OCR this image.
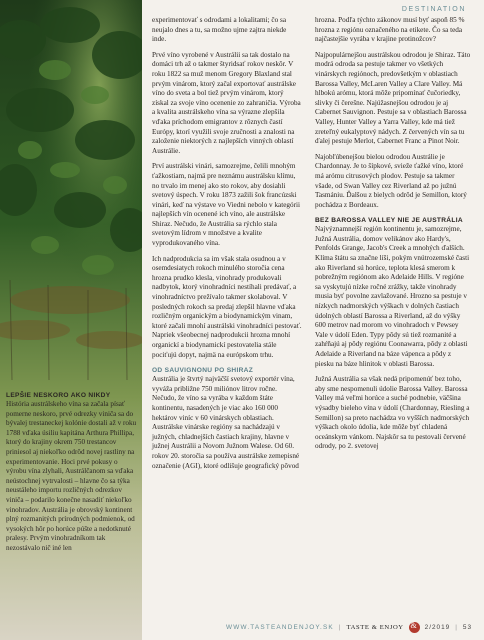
DESTINATION
LEPŠIE NESKORO AKO NIKDY

História austrálskeho vína sa začala písať pomerne neskoro, prvé odrezky viniča sa do bývalej trestaneckej kolónie dostali až v roku 1788 vďaka úsiliu kapitána Arthura Phillipa, ktorý do krajiny okrem 750 trestancov priniesol aj niekoľko odrôd novej rastliny na experimentovanie. Hoci prvé pokusy o výrobu vína zlyhali, Austrálčanom sa vďaka neústochnej vytrvalosti – hlavne čo sa týka neustáleho importu rozličných odrezkov viniča – podarilo konečne nasadiť niekoľko vinohradov. Austrália je obrovský kontinent plný rozmanitých prírodných podmienok, od vysokých hôr po horúce púšte a nedotknuté pralesy. Prvým vinohradníkom tak nezostávalo nič iné len

experimentovať s odrodami a lokalitami; čo sa neujalo dnes a tu, sa možno ujme zajtra niekde inde.

Prvé víno vyrobené v Austrálii sa tak dostalo na domáci trh až o takmer štyridsať rokov neskôr. V roku 1822 sa muž menom Gregory Blaxland stal prvým vinárom, ktorý začal exportovať austrálske víno do sveta a bol tiež prvým vinárom, ktorý získal za svoje víno ocenenie zo zahraničia. Výroba a kvalita austrálskeho vína sa výrazne zlepšila vďaka príchodom emigrantov z rôznych častí Európy, ktorí využili svoje zručnosti a znalosti na založenie niektorých z najlepších vinných oblastí Austrálie.

Prví austrálski vinári, samozrejme, čelili mnohým ťažkostiam, najmä pre neznámu austrálsku klímu, no trvalo im menej ako sto rokov, aby dosiahli svetový úspech. V roku 1873 zažili šok francúzski vinári, keď na výstave vo Viedni nebolo v kategórii najlepších vín ocenené ich víno, ale austrálske Shiraz. Nečudo, že Austrália sa rýchlo stala svetovým lídrom v množstve a kvalite vyprodukovaného vína.

Ich nadprodukcia sa im však stala osudnou a v osemdesiatych rokoch minulého storočia cena hrozna prudko klesla, vinohrady produkovali nadbytok, ktorý vinohradníci nestíhali predávať, a vinohradníctvo prežívalo takmer skolaboval. V posledných rokoch sa predaj zlepšil hlavne vďaka rozličným organickým a biodynamickým vinam, ktoré začali mnohí austrálski vinohradníci pestovať. Napriek všeobecnej nadprodukcii hrozna mnohí organickí a biodynamickí pestovatelia stále pociťujú dopyt, najmä na európskom trhu.

OD SAUVIGNONU PO SHIRAZ

Austrália je štvrtý najväčší svetový exportér vína, vyváža približne 750 miliónov litrov ročne. Nečudo, že víno sa vyrába v každom štáte kontinentu, nasadených je viac ako 160 000 hektárov viníc v 60 vinárskych oblastiach. Austrálske vinárske regióny sa nachádzajú v južných, chladnejších častiach krajiny, hlavne v južnej Austrálii a Novom Južnom Walese. Od 60. rokov 20. storočia sa používa austrálske zemepisné označenie (AGI), ktoré odlišuje geografický pôvod

hrozna. Podľa týchto zákonov musí byť aspoň 85 % hrozna z regiónu označeného na etikete. Čo sa teda najčastejšie vyrába v krajine protinožcov?

Najpopulárnejšou austrálskou odrodou je Shiraz. Táto modrá odroda sa pestuje takmer vo všetkých vinárskych regiónoch, predovšetkým v oblastiach Barossa Valley, McLaren Valley a Clare Valley. Má hlbokú arómu, ktorá môže pripomínať čučoriedky, slivky či čerešne. Najúžasnejšou odrodou je aj Cabernet Sauvignon. Pestuje sa v oblastiach Barossa Valley, Hunter Valley a Yarra Valley, kde má tiež zreteľný eukalyptový nádych. Z červených vín sa tu ďalej pestuje Merlot, Cabernet Franc a Pinot Noir.

Najobľúbenejšou bielou odrodou Austrálie je Chardonnay. Je to šípkové, svieže ťažké víno, ktoré má arómu citrusových plodov. Pestuje sa takmer všade, od Swan Valley cez Riverland až po južnú Tasmániu. Ďalšou z bielych odrôd je Semillon, ktorý pochádza z Bordeaux.

BEZ BAROSSA VALLEY NIE JE AUSTRÁLIA

Najvýznamnejší región kontinentu je, samozrejme, Južná Austrália, domov velikánov ako Hardy's, Penfolds Grange, Jacob's Creek a mnohých ďalších. Klíma štátu sa značne líši, pokým vnútrozemské časti ako Riverland sú horúce, teplota klesá smerom k pobrežným regiónom ako Adelaide Hills. V regióne sa vyskytujú nízke ročné zrážky, takže vinohrady musia byť povolne zavlažované. Hrozno sa pestuje v nízkych nadmorských výškach v dolných častiach údolných oblastí Barossa a Riverland, až do výšky 600 metrov nad morom vo vinohradoch v Pewsey Vale v údolí Eden. Typy pôdy sú tiež rozmanité a zahŕňajú aj pôdy regiónu Coonawarra, pôdy z oblasti Adelaide a Riverland na báze vápenca a pôdy z piesku na báze hlinitok v oblasti Barossa.

Južná Austrália sa však nedá pripomenúť bez toho, aby sme nespomenuli údolie Barossa Valley. Barossa Valley má veľmi horúce a suché podnebie, väčšina výsadby bieleho vína v údolí (Chardonnay, Riesling a Semillon) sa preto nachádza vo vyšších nadmorských výškach okolo údolia, kde môže byť chladená oceánskym vánkom. Najskôr sa tu pestovali červené odrody, po 2. svetovej

WWW.TASTEANDENJOY.SK | TASTE & ENJOY
&	2/2019 | 53
